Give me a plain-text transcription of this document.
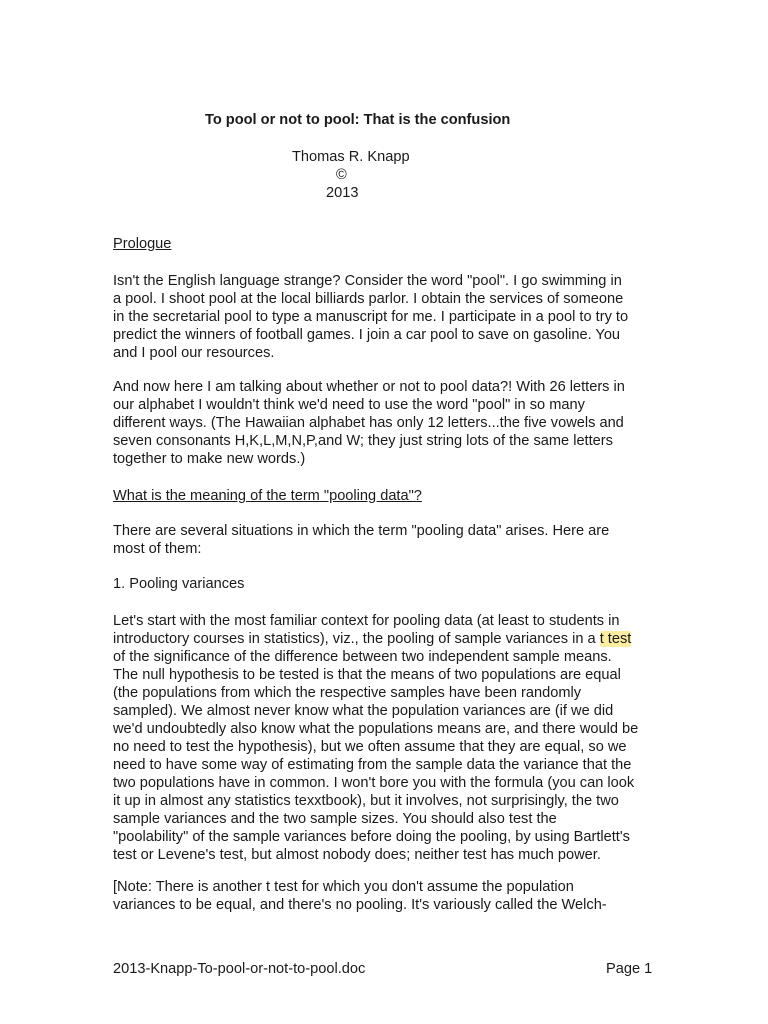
To pool or not to pool: That is the confusion
Thomas R. Knapp
©
2013
Prologue
Isn't the English language strange? Consider the word "pool". I go swimming in
a pool. I shoot pool at the local billiards parlor. I obtain the services of someone
in the secretarial pool to type a manuscript for me. I participate in a pool to try to
predict the winners of football games. I join a car pool to save on gasoline. You
and I pool our resources.
And now here I am talking about whether or not to pool data?! With 26 letters in
our alphabet I wouldn't think we'd need to use the word "pool" in so many
different ways. (The Hawaiian alphabet has only 12 letters...the five vowels and
seven consonants H,K,L,M,N,P,and W; they just string lots of the same letters
together to make new words.)
What is the meaning of the term "pooling data"?
There are several situations in which the term "pooling data" arises. Here are
most of them:
1. Pooling variances
Let's start with the most familiar context for pooling data (at least to students in
introductory courses in statistics), viz., the pooling of sample variances in a t test
of the significance of the difference between two independent sample means.
The null hypothesis to be tested is that the means of two populations are equal
(the populations from which the respective samples have been randomly
sampled). We almost never know what the population variances are (if we did
we'd undoubtedly also know what the populations means are, and there would be
no need to test the hypothesis), but we often assume that they are equal, so we
need to have some way of estimating from the sample data the variance that the
two populations have in common. I won't bore you with the formula (you can look
it up in almost any statistics texxtbook), but it involves, not surprisingly, the two
sample variances and the two sample sizes. You should also test the
"poolability" of the sample variances before doing the pooling, by using Bartlett's
test or Levene's test, but almost nobody does; neither test has much power.
[Note: There is another t test for which you don't assume the population
variances to be equal, and there's no pooling. It's variously called the Welch-
2013-Knapp-To-pool-or-not-to-pool.doc	Page 1
